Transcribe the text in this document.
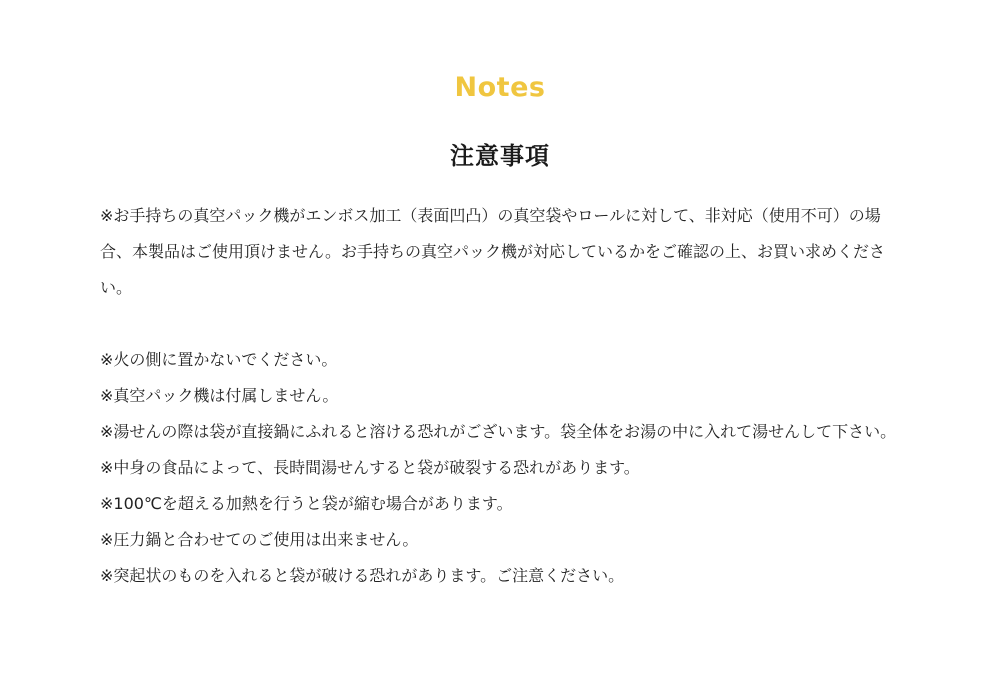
Notes
注意事項

※お手持ちの真空パック機がエンボス加工（表面凹凸）の真空袋やロールに対して、非対応（使用不可）の場合、本製品はご使用頂けません。お手持ちの真空パック機が対応しているかをご確認の上、お買い求めください。

※火の側に置かないでください。

※真空パック機は付属しません。

※湯せんの際は袋が直接鍋にふれると溶ける恐れがございます。袋全体をお湯の中に入れて湯せんして下さい。

※中身の食品によって、長時間湯せんすると袋が破裂する恐れがあります。

※100℃を超える加熱を行うと袋が縮む場合があります。

※圧力鍋と合わせてのご使用は出来ません。

※突起状のものを入れると袋が破ける恐れがあります。ご注意ください。
